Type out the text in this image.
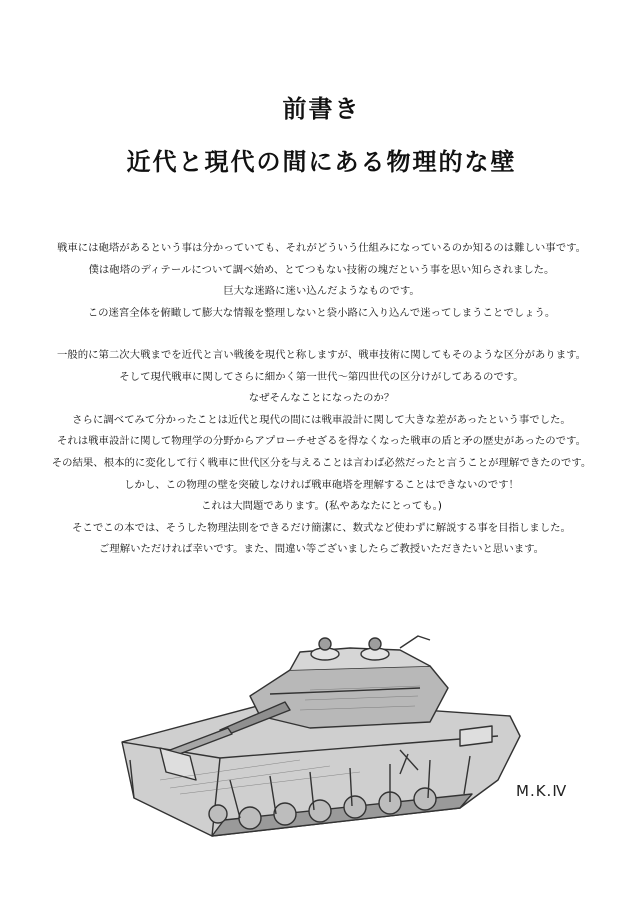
前書き
近代と現代の間にある物理的な壁
戦車には砲塔があるという事は分かっていても、それがどういう仕組みになっているのか知るのは難しい事です。
僕は砲塔のディテールについて調べ始め、とてつもない技術の塊だという事を思い知らされました。
巨大な迷路に迷い込んだようなものです。
この迷宮全体を俯瞰して膨大な情報を整理しないと袋小路に入り込んで迷ってしまうことでしょう。
一般的に第二次大戦までを近代と言い戦後を現代と称しますが、戦車技術に関してもそのような区分があります。
そして現代戦車に関してさらに細かく第一世代～第四世代の区分けがしてあるのです。
なぜそんなことになったのか？
さらに調べてみて分かったことは近代と現代の間には戦車設計に関して大きな差があったという事でした。
それは戦車設計に関して物理学の分野からアプローチせざるを得なくなった戦車の盾と矛の歴史があったのです。
その結果、根本的に変化して行く戦車に世代区分を与えることは言わば必然だったと言うことが理解できたのです。
しかし、この物理の壁を突破しなければ戦車砲塔を理解することはできないのです！
これは大問題であります。(私やあなたにとっても。)
そこでこの本では、そうした物理法則をできるだけ簡潔に、数式など使わずに解説する事を目指しました。
ご理解いただければ幸いです。また、間違い等ございましたらご教授いただきたいと思います。
M.K.Ⅳ
